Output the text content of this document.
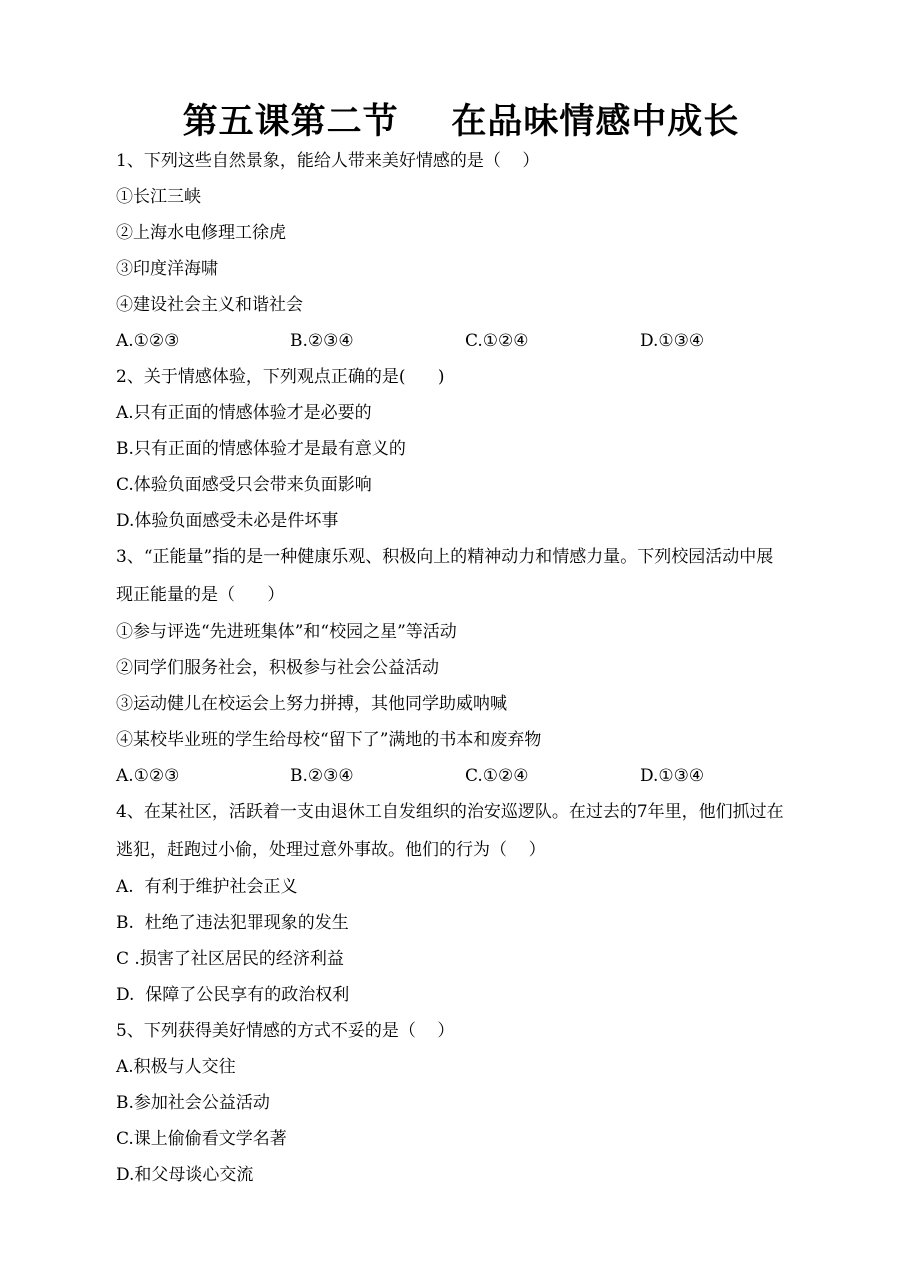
第五课第二节    在品味情感中成长
1、下列这些自然景象，能给人带来美好情感的是（    ）
①长江三峡
②上海水电修理工徐虎
③印度洋海啸
④建设社会主义和谐社会
A.①②③	B.②③④	C.①②④	D.①③④
2、关于情感体验，下列观点正确的是(      )
A.只有正面的情感体验才是必要的
B.只有正面的情感体验才是最有意义的
C.体验负面感受只会带来负面影响
D.体验负面感受未必是件坏事
3、“正能量”指的是一种健康乐观、积极向上的精神动力和情感力量。下列校园活动中展
现正能量的是（      ）
①参与评选“先进班集体”和“校园之星”等活动
②同学们服务社会，积极参与社会公益活动
③运动健儿在校运会上努力拼搏，其他同学助威呐喊
④某校毕业班的学生给母校“留下了”满地的书本和废弃物
A.①②③	B.②③④	C.①②④	D.①③④
4、在某社区，活跃着一支由退休工自发组织的治安巡逻队。在过去的7年里，他们抓过在
逃犯，赶跑过小偷，处理过意外事故。他们的行为（    ）
A.  有利于维护社会正义
B.  杜绝了违法犯罪现象的发生
C .损害了社区居民的经济利益
D.  保障了公民享有的政治权利
5、下列获得美好情感的方式不妥的是（    ）
A.积极与人交往
B.参加社会公益活动
C.课上偷偷看文学名著
D.和父母谈心交流
